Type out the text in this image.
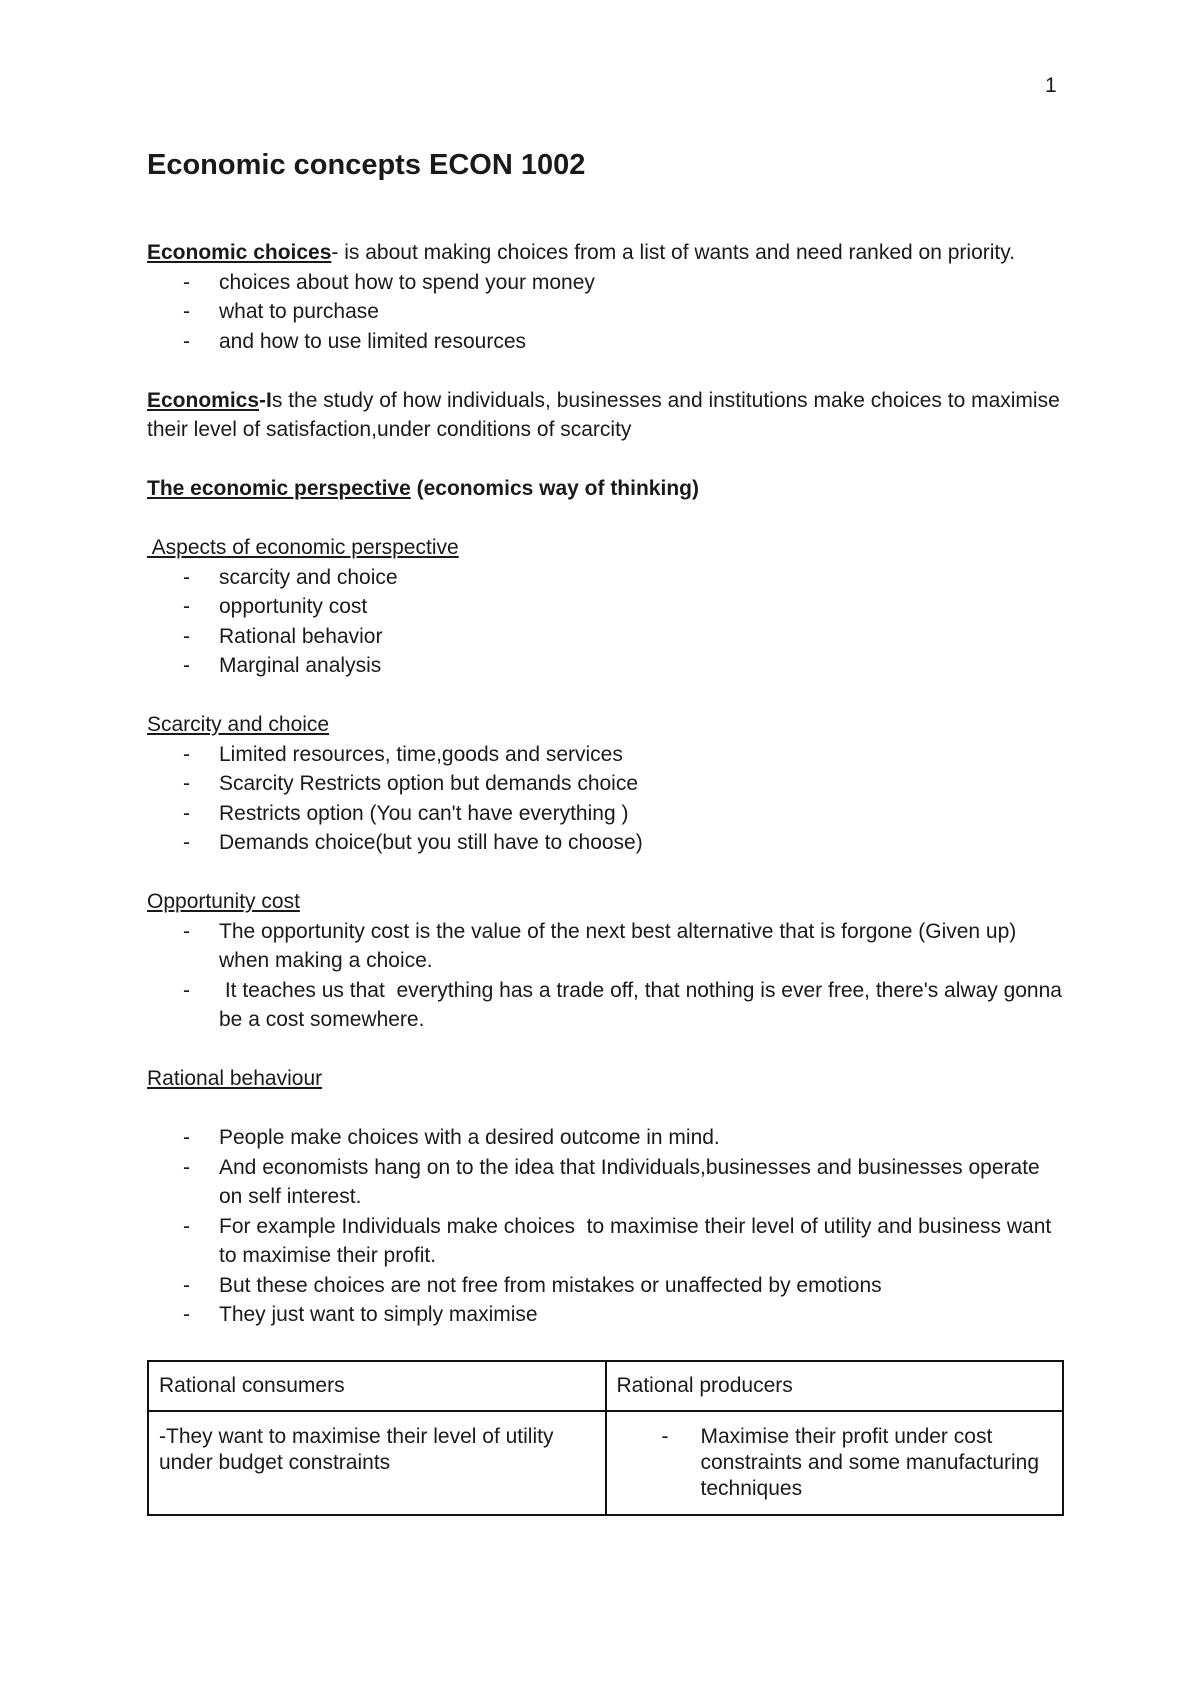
1
Economic concepts ECON 1002

Economic choices- is about making choices from a list of wants and need ranked on priority.

- choices about how to spend your money
- what to purchase
- and how to use limited resources

Economics-Is the study of how individuals, businesses and institutions make choices to maximise their level of satisfaction,under conditions of scarcity

The economic perspective (economics way of thinking)

Aspects of economic perspective

- scarcity and choice
- opportunity cost
- Rational behavior
- Marginal analysis

Scarcity and choice

- Limited resources, time,goods and services
- Scarcity Restricts option but demands choice
- Restricts option (You can't have everything )
- Demands choice(but you still have to choose)

Opportunity cost

- The opportunity cost is the value of the next best alternative that is forgone (Given up) when making a choice.
-  It teaches us that  everything has a trade off, that nothing is ever free, there's alway gonna be a cost somewhere.

Rational behaviour

- People make choices with a desired outcome in mind.
- And economists hang on to the idea that Individuals,businesses and businesses operate on self interest.
- For example Individuals make choices  to maximise their level of utility and business want to maximise their profit.
- But these choices are not free from mistakes or unaffected by emotions
- They just want to simply maximise
Rational consumers	Rational producers
-They want to maximise their level of utility under budget constraints	- Maximise their profit under cost constraints and some manufacturing techniques
